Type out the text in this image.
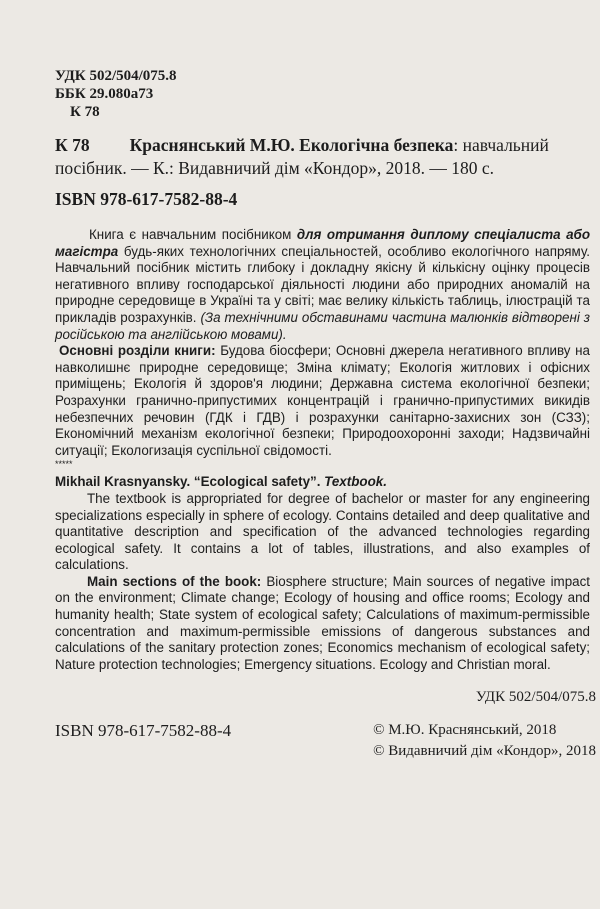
УДК 502/504/075.8
ББК 29.080а73
К 78
К 78 Краснянський М.Ю. Екологічна безпека: навчальний посібник. — К.: Видавничий дім «Кондор», 2018. — 180 с.
ISBN 978-617-7582-88-4

Книга є навчальним посібником для отримання диплому спеціалиста або магістра будь-яких технологічних спеціальностей, особливо екологічного напряму. Навчальний посібник містить глибоку і докладну якісну й кількісну оцінку процесів негативного впливу господарської діяльності людини або природних аномалій на природне середовище в Україні та у світі; має велику кількість таблиць, ілюстрацій та прикладів розрахунків. (За технічними обставинами частина малюнків відтворені з російською та англійською мовами).

Основні розділи книги: Будова біосфери; Основні джерела негативного впливу на навколишнє природне середовище; Зміна клімату; Екологія житлових і офісних приміщень; Екологія й здоров'я людини; Державна система екологічної безпеки; Розрахунки гранично-припустимих концентрацій і гранично-припустимих викидів небезпечних речовин (ГДК і ГДВ) і розрахунки санітарно-захисних зон (СЗЗ); Економічний механізм екологічної безпеки; Природоохоронні заходи; Надзвичайні ситуації; Екологизація суспільної свідомості.

*****

Mikhail Krasnyansky. “Ecological safety”. Textbook.

The textbook is appropriated for degree of bachelor or master for any engineering specializations especially in sphere of ecology. Contains detailed and deep qualitative and quantitative description and specification of the advanced technologies regarding ecological safety. It contains a lot of tables, illustrations, and also examples of calculations.

Main sections of the book: Biosphere structure; Main sources of negative impact on the environment; Climate change; Ecology of housing and office rooms; Ecology and humanity health; State system of ecological safety; Calculations of maximum-permissible concentration and maximum-permissible emissions of dangerous substances and calculations of the sanitary protection zones; Economics mechanism of ecological safety; Nature protection technologies; Emergency situations. Ecology and Christian moral.

УДК 502/504/075.8
ISBN 978-617-7582-88-4	© М.Ю. Краснянський, 2018
© Видавничий дім «Кондор», 2018
